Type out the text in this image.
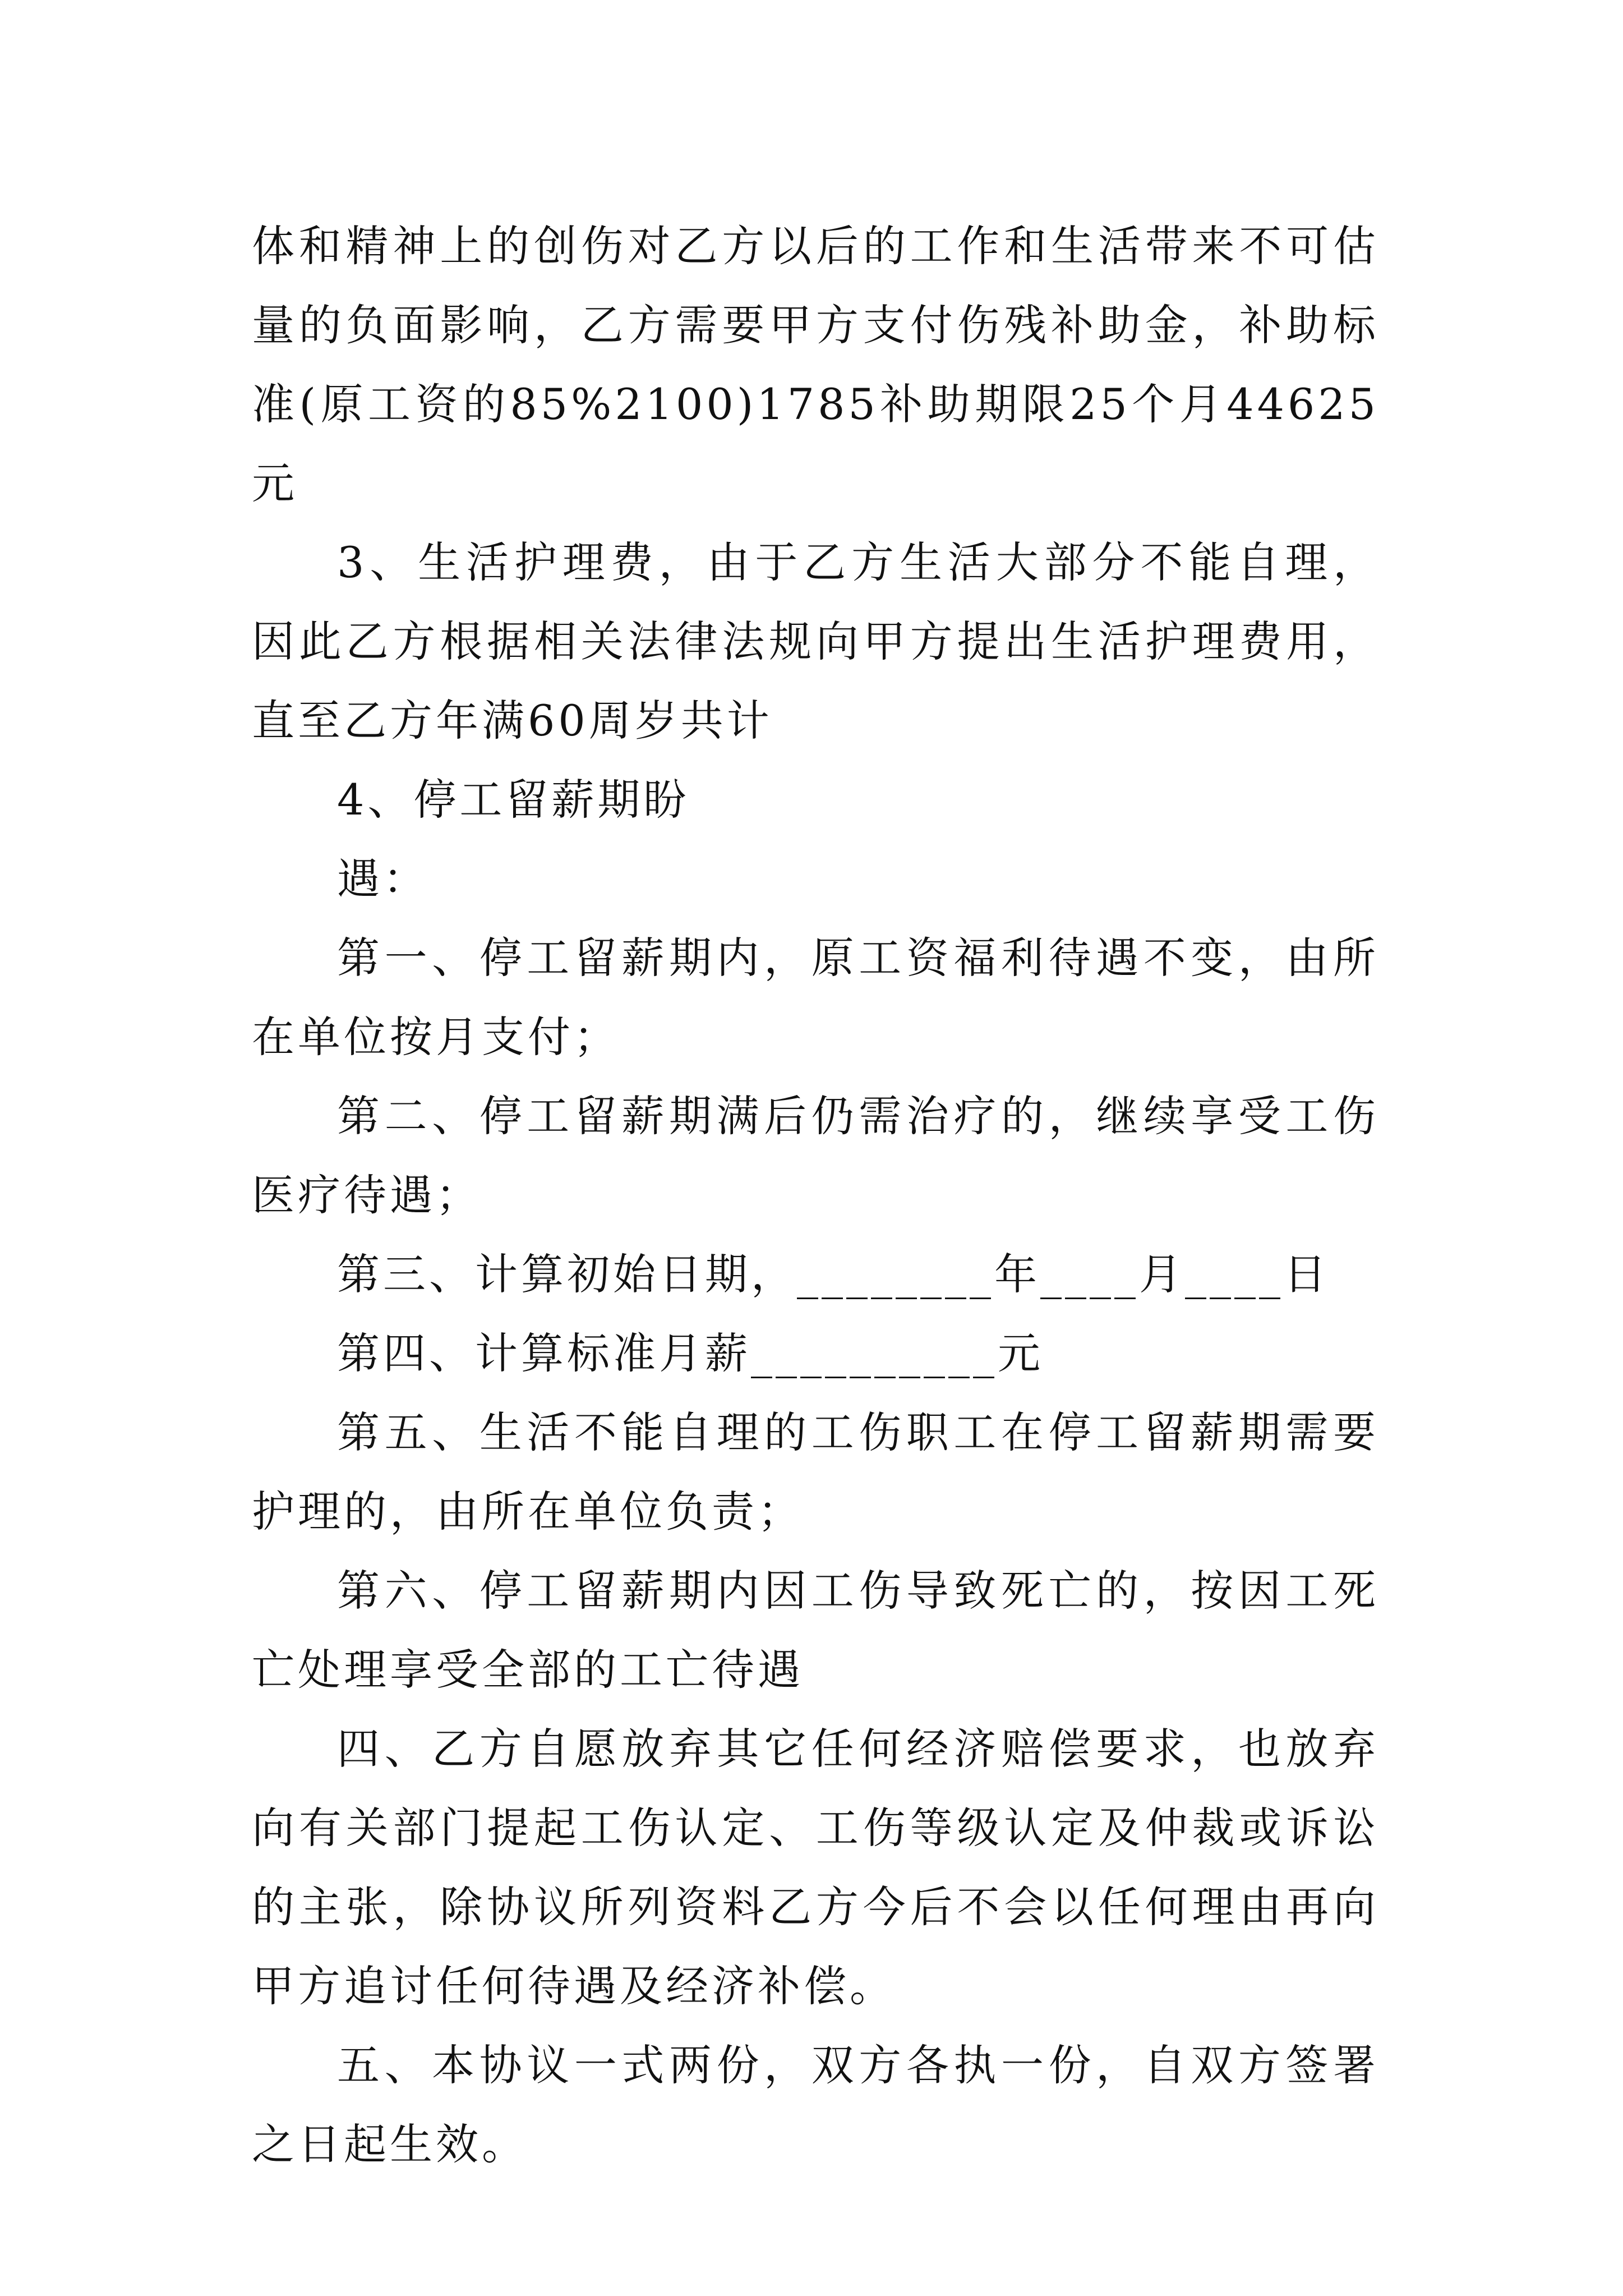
体和精神上的创伤对乙方以后的工作和生活带来不可估量的负面影响，乙方需要甲方支付伤残补助金，补助标准(原工资的85%2100)1785补助期限25个月44625元

3、生活护理费，由于乙方生活大部分不能自理，因此乙方根据相关法律法规向甲方提出生活护理费用，直至乙方年满60周岁共计

4、停工留薪期盼

遇：

第一、停工留薪期内，原工资福利待遇不变，由所在单位按月支付；

第二、停工留薪期满后仍需治疗的，继续享受工伤医疗待遇；

第三、计算初始日期，________年____月____日

第四、计算标准月薪__________元

第五、生活不能自理的工伤职工在停工留薪期需要护理的，由所在单位负责；

第六、停工留薪期内因工伤导致死亡的，按因工死亡处理享受全部的工亡待遇

四、乙方自愿放弃其它任何经济赔偿要求，也放弃向有关部门提起工伤认定、工伤等级认定及仲裁或诉讼的主张，除协议所列资料乙方今后不会以任何理由再向甲方追讨任何待遇及经济补偿。

五、本协议一式两份，双方各执一份，自双方签署之日起生效。
